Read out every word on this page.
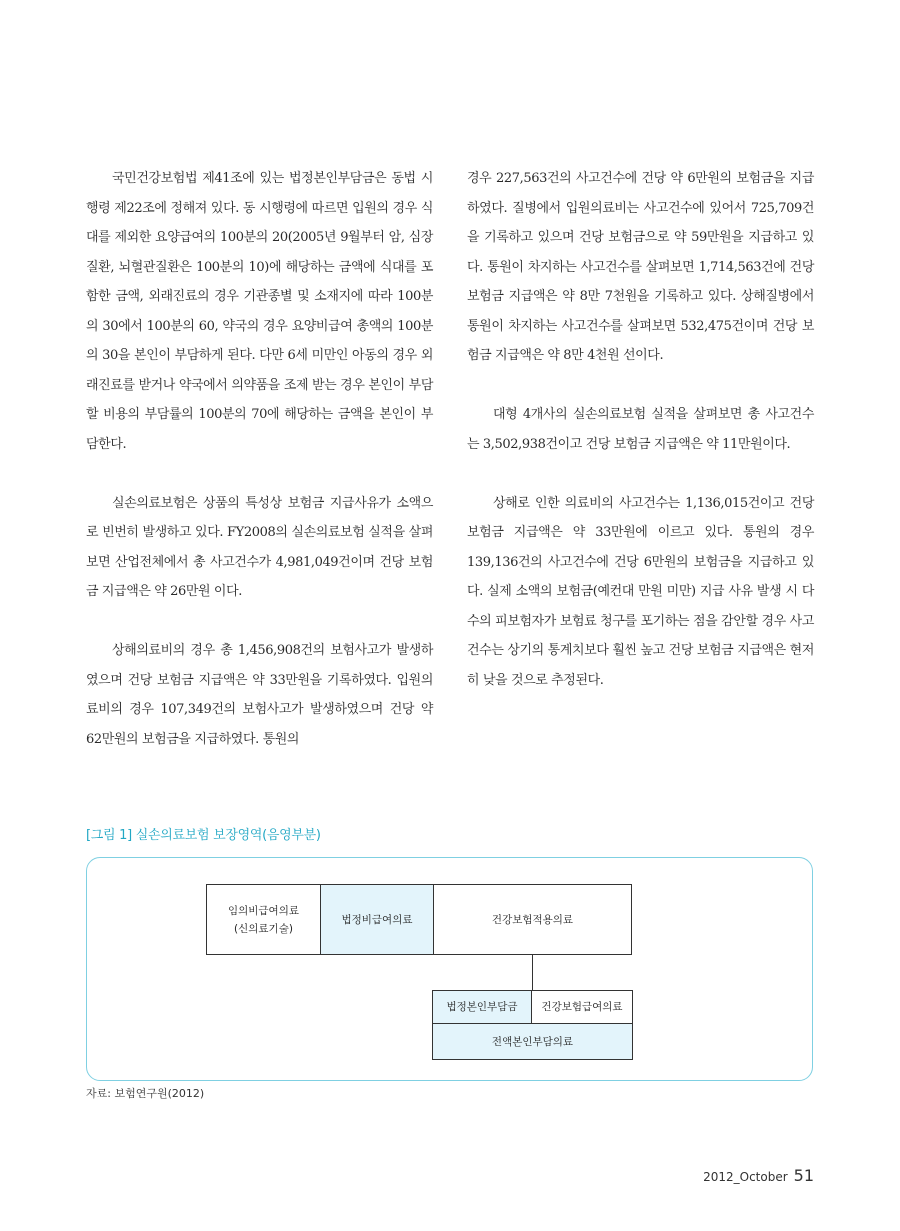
국민건강보험법 제41조에 있는 법정본인부담금은 동법 시행령 제22조에 정해져 있다. 동 시행령에 따르면 입원의 경우 식대를 제외한 요양급여의 100분의 20(2005년 9월부터 암, 심장질환, 뇌혈관질환은 100분의 10)에 해당하는 금액에 식대를 포함한 금액, 외래진료의 경우 기관종별 및 소재지에 따라 100분의 30에서 100분의 60, 약국의 경우 요양비급여 총액의 100분의 30을 본인이 부담하게 된다. 다만 6세 미만인 아동의 경우 외래진료를 받거나 약국에서 의약품을 조제 받는 경우 본인이 부담할 비용의 부담률의 100분의 70에 해당하는 금액을 본인이 부담한다.

실손의료보험은 상품의 특성상 보험금 지급사유가 소액으로 빈번히 발생하고 있다. FY2008의 실손의료보험 실적을 살펴보면 산업전체에서 총 사고건수가 4,981,049건이며 건당 보험금 지급액은 약 26만원 이다.

상해의료비의 경우 총 1,456,908건의 보험사고가 발생하였으며 건당 보험금 지급액은 약 33만원을 기록하였다. 입원의료비의 경우 107,349건의 보험사고가 발생하였으며 건당 약 62만원의 보험금을 지급하였다. 통원의

경우 227,563건의 사고건수에 건당 약 6만원의 보험금을 지급하였다. 질병에서 입원의료비는 사고건수에 있어서 725,709건을 기록하고 있으며 건당 보험금으로 약 59만원을 지급하고 있다. 통원이 차지하는 사고건수를 살펴보면 1,714,563건에 건당 보험금 지급액은 약 8만 7천원을 기록하고 있다. 상해질병에서 통원이 차지하는 사고건수를 살펴보면 532,475건이며 건당 보험금 지급액은 약 8만 4천원 선이다.

대형 4개사의 실손의료보험 실적을 살펴보면 총 사고건수는 3,502,938건이고 건당 보험금 지급액은 약 11만원이다.

상해로 인한 의료비의 사고건수는 1,136,015건이고 건당 보험금 지급액은 약 33만원에 이르고 있다. 통원의 경우 139,136건의 사고건수에 건당 6만원의 보험금을 지급하고 있다. 실제 소액의 보험금(예컨대 만원 미만) 지급 사유 발생 시 다수의 피보험자가 보험료 청구를 포기하는 점을 감안할 경우 사고건수는 상기의 통계치보다 훨씬 높고 건당 보험금 지급액은 현저히 낮을 것으로 추정된다.

[그림 1] 실손의료보험 보장영역(음영부분)
임의비급여의료
(신의료기술)
법정비급여의료	건강보험적용의료
법정본인부담금	건강보험급여의료
전액본인부담의료
자료: 보험연구원(2012)
2012_October 51
